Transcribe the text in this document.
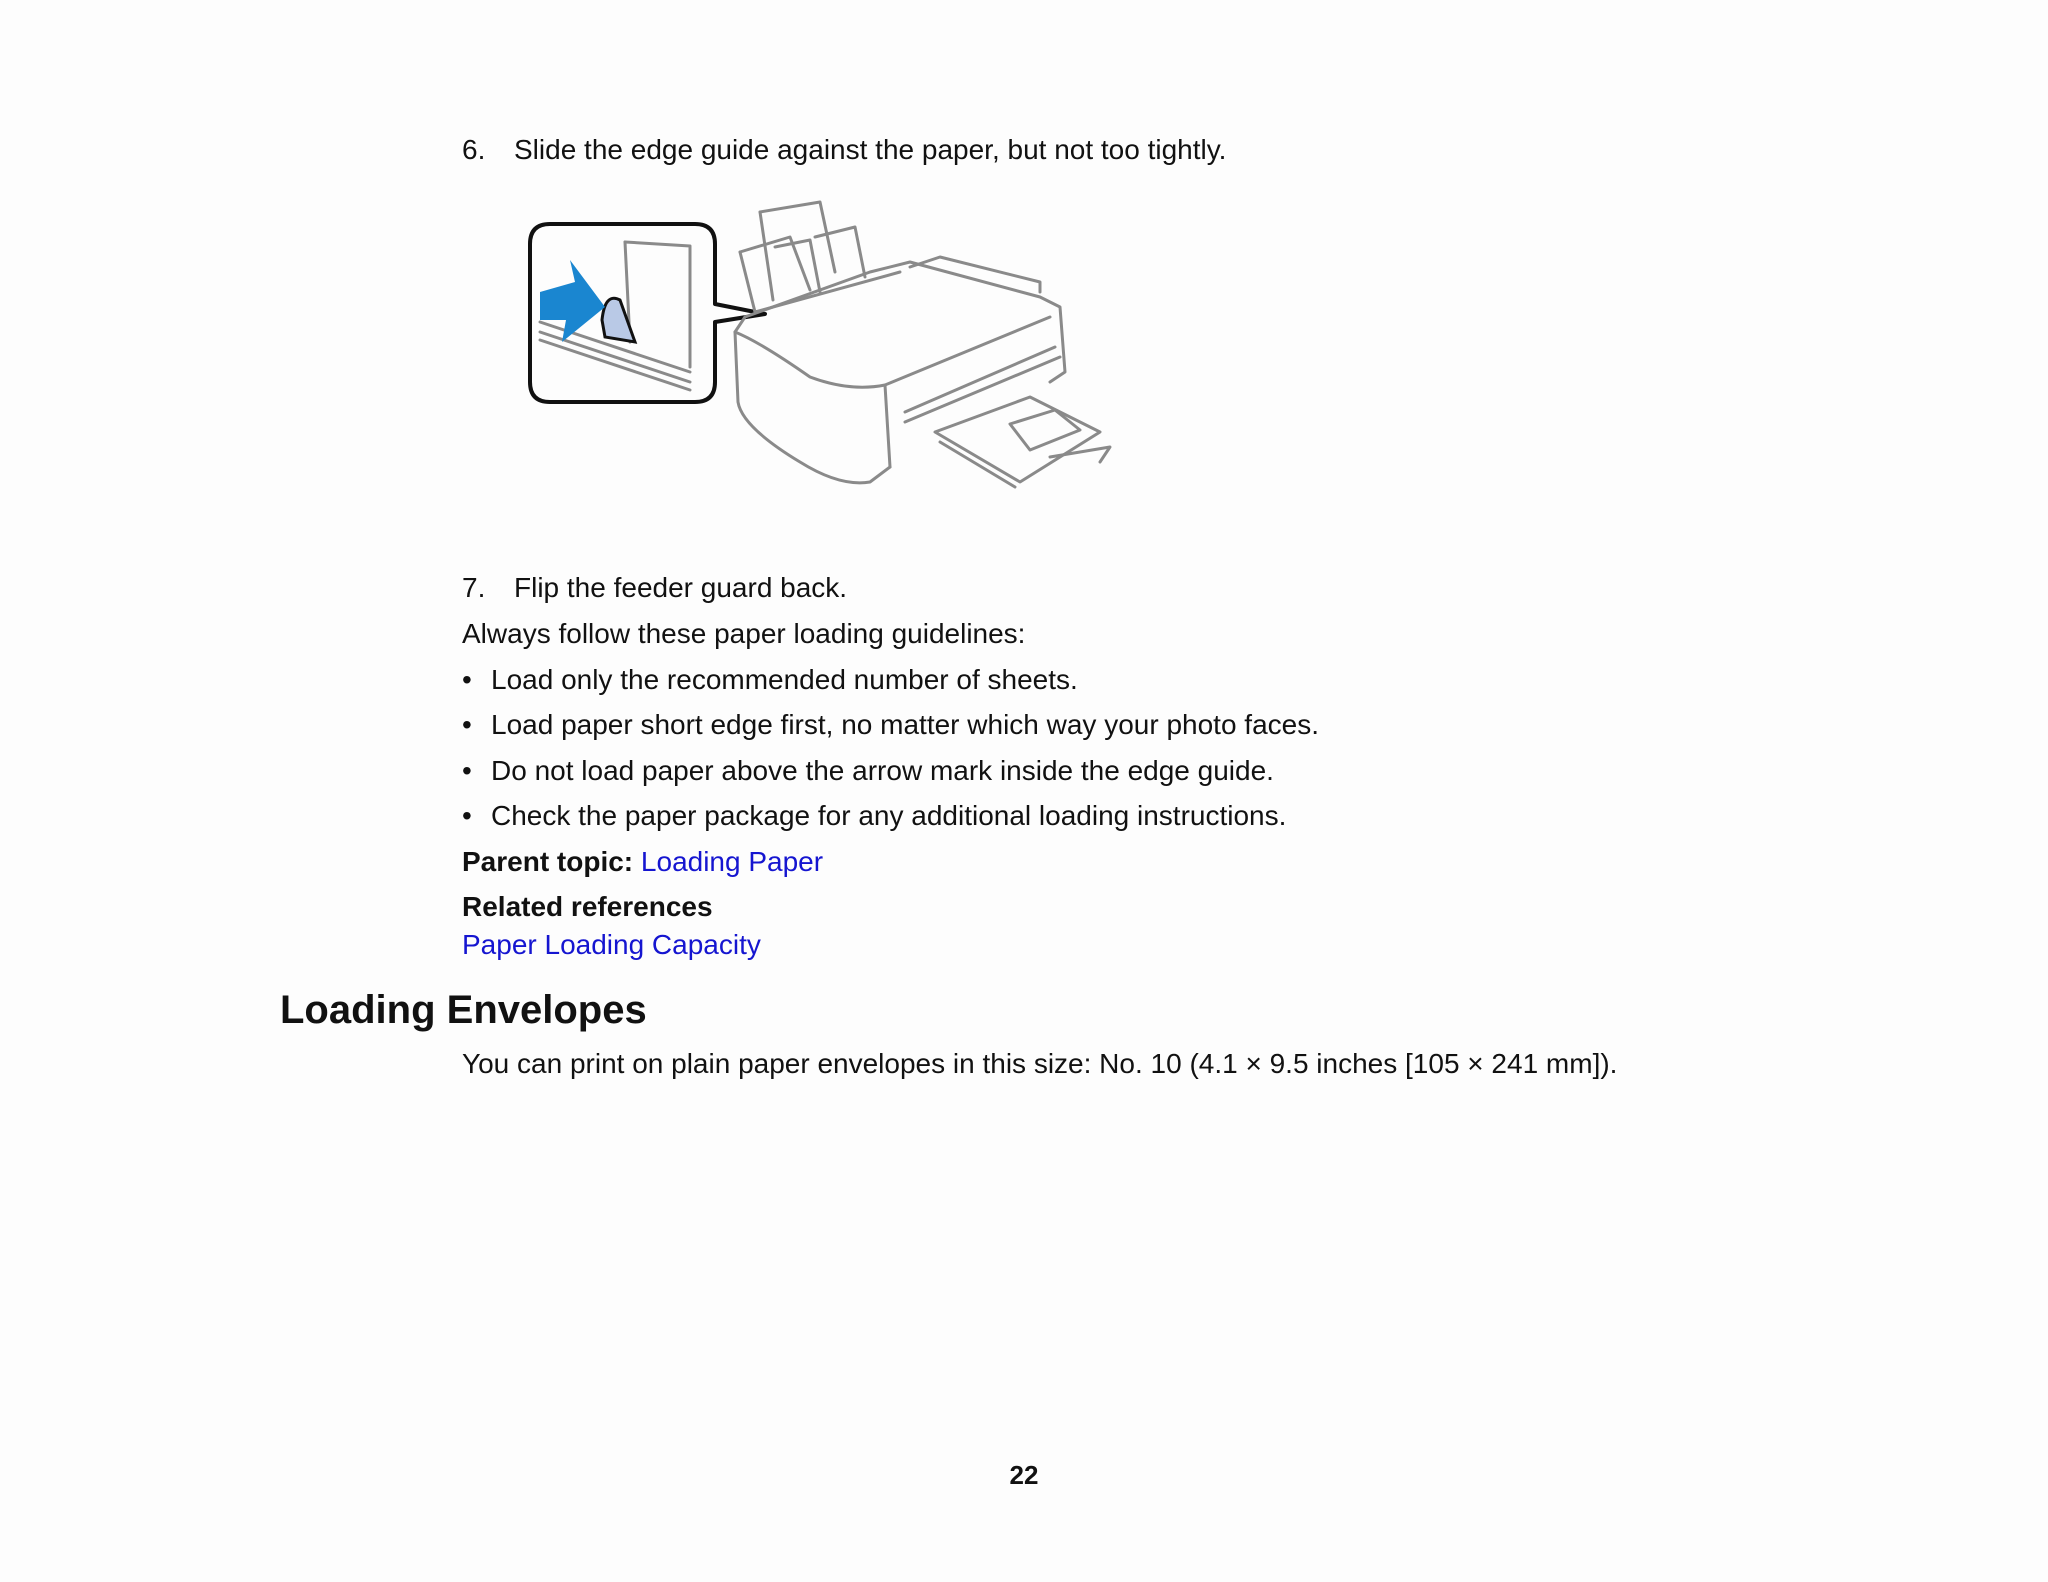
6. Slide the edge guide against the paper, but not too tightly.
7. Flip the feeder guard back.
Always follow these paper loading guidelines:
• Load only the recommended number of sheets.
• Load paper short edge first, no matter which way your photo faces.
• Do not load paper above the arrow mark inside the edge guide.
• Check the paper package for any additional loading instructions.
Parent topic: Loading Paper
Related references
Paper Loading Capacity
Loading Envelopes
You can print on plain paper envelopes in this size: No. 10 (4.1 × 9.5 inches [105 × 241 mm]).
22
